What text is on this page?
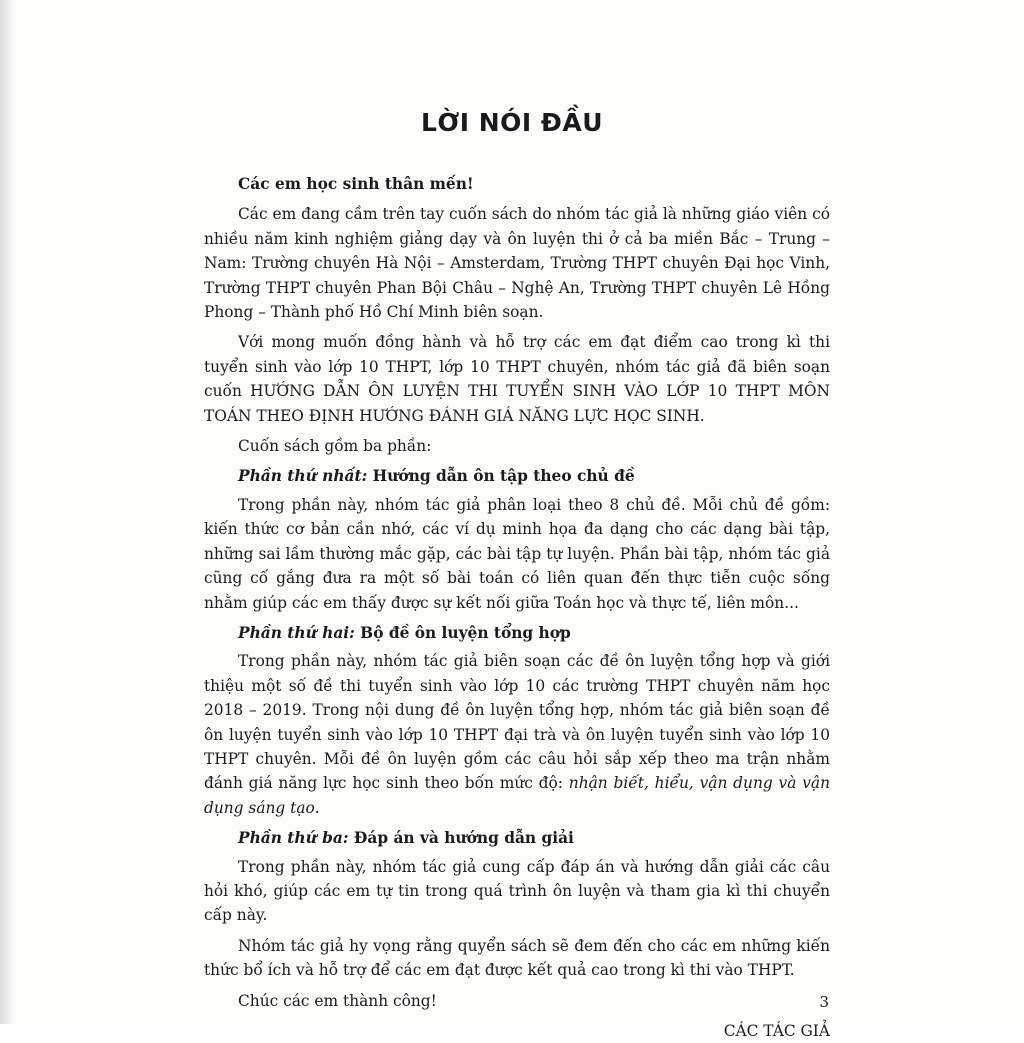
LỜI NÓI ĐẦU

Các em học sinh thân mến!

Các em đang cầm trên tay cuốn sách do nhóm tác giả là những giáo viên có nhiều năm kinh nghiệm giảng dạy và ôn luyện thi ở cả ba miền Bắc – Trung – Nam: Trường chuyên Hà Nội – Amsterdam, Trường THPT chuyên Đại học Vinh, Trường THPT chuyên Phan Bội Châu – Nghệ An, Trường THPT chuyên Lê Hồng Phong – Thành phố Hồ Chí Minh biên soạn.

Với mong muốn đồng hành và hỗ trợ các em đạt điểm cao trong kì thi tuyển sinh vào lớp 10 THPT, lớp 10 THPT chuyên, nhóm tác giả đã biên soạn cuốn HƯỚNG DẪN ÔN LUYỆN THI TUYỂN SINH VÀO LỚP 10 THPT MÔN TOÁN THEO ĐỊNH HƯỚNG ĐÁNH GIÁ NĂNG LỰC HỌC SINH.

Cuốn sách gồm ba phần:

Phần thứ nhất: Hướng dẫn ôn tập theo chủ đề

Trong phần này, nhóm tác giả phân loại theo 8 chủ đề. Mỗi chủ đề gồm: kiến thức cơ bản cần nhớ, các ví dụ minh họa đa dạng cho các dạng bài tập, những sai lầm thường mắc gặp, các bài tập tự luyện. Phần bài tập, nhóm tác giả cũng cố gắng đưa ra một số bài toán có liên quan đến thực tiễn cuộc sống nhằm giúp các em thấy được sự kết nối giữa Toán học và thực tế, liên môn...

Phần thứ hai: Bộ đề ôn luyện tổng hợp

Trong phần này, nhóm tác giả biên soạn các đề ôn luyện tổng hợp và giới thiệu một số đề thi tuyển sinh vào lớp 10 các trường THPT chuyên năm học 2018 – 2019. Trong nội dung đề ôn luyện tổng hợp, nhóm tác giả biên soạn đề ôn luyện tuyển sinh vào lớp 10 THPT đại trà và ôn luyện tuyển sinh vào lớp 10 THPT chuyên. Mỗi đề ôn luyện gồm các câu hỏi sắp xếp theo ma trận nhằm đánh giá năng lực học sinh theo bốn mức độ: nhận biết, hiểu, vận dụng và vận dụng sáng tạo.

Phần thứ ba: Đáp án và hướng dẫn giải

Trong phần này, nhóm tác giả cung cấp đáp án và hướng dẫn giải các câu hỏi khó, giúp các em tự tin trong quá trình ôn luyện và tham gia kì thi chuyển cấp này.

Nhóm tác giả hy vọng rằng quyển sách sẽ đem đến cho các em những kiến thức bổ ích và hỗ trợ để các em đạt được kết quả cao trong kì thi vào THPT.

Chúc các em thành công!

CÁC TÁC GIẢ
3
